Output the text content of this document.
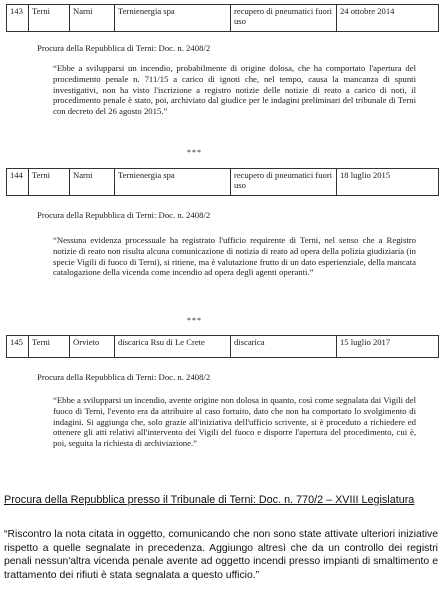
143	Terni	Narni	Ternienergia spa	recupero di pneumatici fuori uso	24 ottobre 2014
Procura della Repubblica di Terni: Doc. n. 2408/2
“Ebbe a svilupparsi un incendio, probabilmente di origine dolosa, che ha comportato l'apertura del procedimento penale n. 711/15 a carico di ignoti che, nel tempo, causa la mancanza di spunti investigativi, non ha visto l'iscrizione a registro notizie delle notizie di reato a carico di noti, il procedimento penale è stato, poi, archiviato dal giudice per le indagini preliminari del tribunale di Terni con decreto del 26 agosto 2015.”
***
144	Terni	Narni	Ternienergia spa	recupero di pneumatici fuori uso	18 luglio 2015
Procura della Repubblica di Terni: Doc. n. 2408/2
“Nessuna evidenza processuale ha registrato l'ufficio requirente di Terni, nel senso che a Registro notizie di reato non risulta alcuna comunicazione di notizia di reato ad opera della polizia giudiziaria (in specie Vigili di fuoco di Terni), si ritiene, ma è valutazione frutto di un dato esperienziale, della mancata catalogazione della vicenda come incendio ad opera degli agenti operanti.”
***
145	Terni	Orvieto	discarica Rsu di Le Crete	discarica	15 luglio 2017
Procura della Repubblica di Terni: Doc. n. 2408/2
“Ebbe a svilupparsi un incendio, avente origine non dolosa in quanto, così come segnalata dai Vigili del fuoco di Terni, l'evento era da attribuire al caso fortuito, dato che non ha comportato lo svolgimento di indagini. Si aggiunga che, solo grazie all'iniziativa dell'ufficio scrivente, si è proceduto a richiedere ed ottenere gli atti relativi all'intervento dei Vigili del fuoco e disporre l'apertura del procedimento, cui è, poi, seguita la richiesta di archiviazione.”
Procura della Repubblica presso il Tribunale di Terni: Doc. n. 770/2 – XVIII Legislatura
“Riscontro la nota citata in oggetto, comunicando che non sono state attivate ulteriori iniziative rispetto a quelle segnalate in precedenza. Aggiungo altresì che da un controllo dei registri penali nessun'altra vicenda penale avente ad oggetto incendi presso impianti di smaltimento e trattamento dei rifiuti è stata segnalata a questo ufficio.”
